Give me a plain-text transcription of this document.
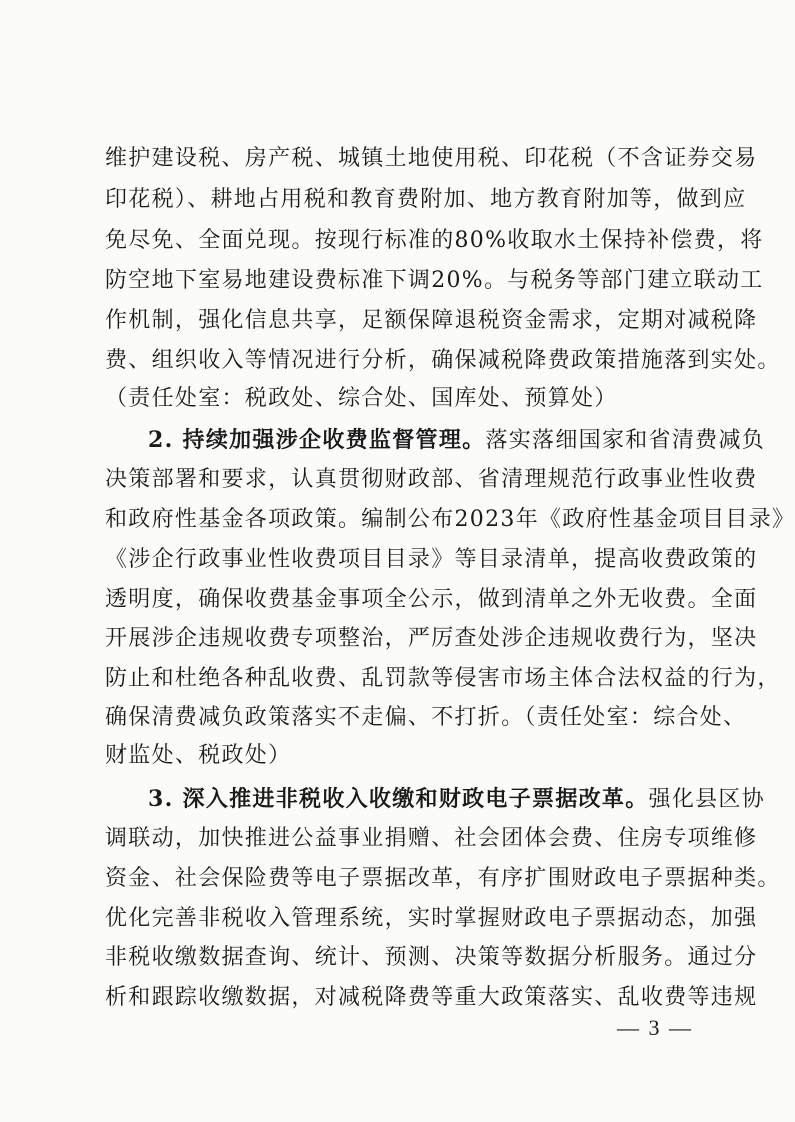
维护建设税、房产税、城镇土地使用税、印花税（不含证券交易
印花税）、耕地占用税和教育费附加、地方教育附加等，做到应
免尽免、全面兑现。按现行标准的80%收取水土保持补偿费，将
防空地下室易地建设费标准下调20%。与税务等部门建立联动工
作机制，强化信息共享，足额保障退税资金需求，定期对减税降
费、组织收入等情况进行分析，确保减税降费政策措施落到实处。
（责任处室：税政处、综合处、国库处、预算处）
2. 持续加强涉企收费监督管理。落实落细国家和省清费减负
决策部署和要求，认真贯彻财政部、省清理规范行政事业性收费
和政府性基金各项政策。编制公布2023年《政府性基金项目目录》
《涉企行政事业性收费项目目录》等目录清单，提高收费政策的
透明度，确保收费基金事项全公示，做到清单之外无收费。全面
开展涉企违规收费专项整治，严厉查处涉企违规收费行为，坚决
防止和杜绝各种乱收费、乱罚款等侵害市场主体合法权益的行为，
确保清费减负政策落实不走偏、不打折。（责任处室：综合处、
财监处、税政处）
3. 深入推进非税收入收缴和财政电子票据改革。强化县区协
调联动，加快推进公益事业捐赠、社会团体会费、住房专项维修
资金、社会保险费等电子票据改革，有序扩围财政电子票据种类。
优化完善非税收入管理系统，实时掌握财政电子票据动态，加强
非税收缴数据查询、统计、预测、决策等数据分析服务。通过分
析和跟踪收缴数据，对减税降费等重大政策落实、乱收费等违规
— 3 —
